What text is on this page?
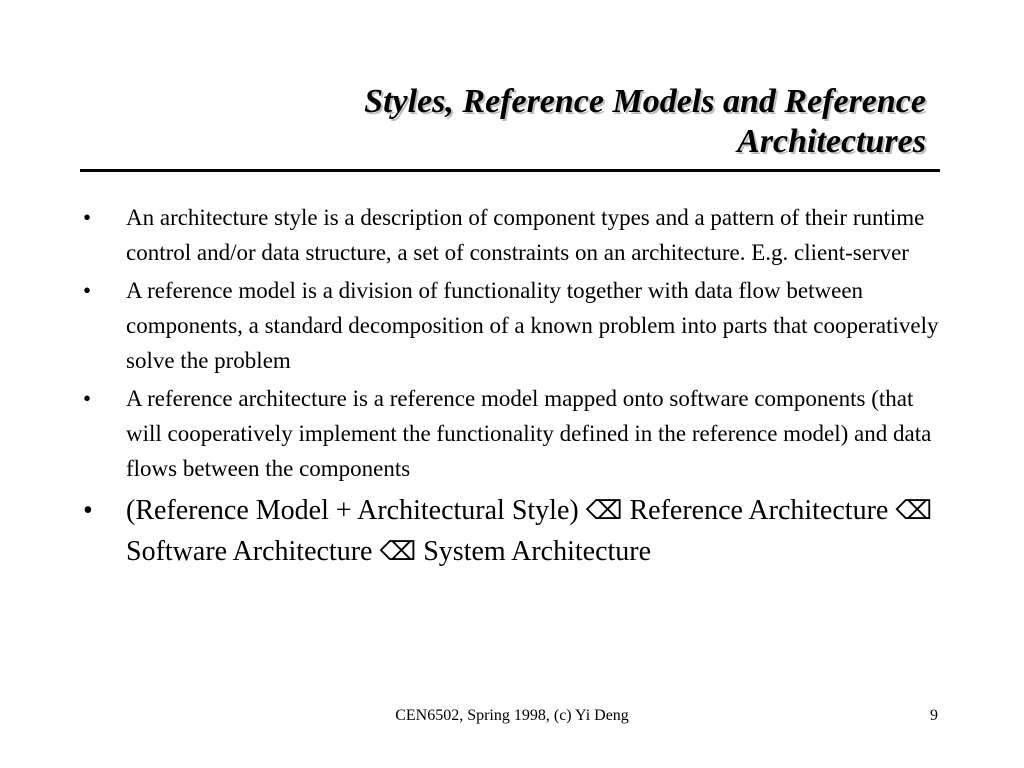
Styles, Reference Models and Reference
Architectures
• An architecture style is a description of component types and a pattern of their runtime control and/or data structure, a set of constraints on an architecture. E.g. client-server
• A reference model is a division of functionality together with data flow between components, a standard decomposition of a known problem into parts that cooperatively solve the problem
• A reference architecture is a reference model mapped onto software components (that will cooperatively implement the functionality defined in the reference model) and data flows between the components
• (Reference Model + Architectural Style) ⌫ Reference Architecture ⌫ Software Architecture ⌫ System Architecture
CEN6502, Spring 1998, (c) Yi Deng	9
